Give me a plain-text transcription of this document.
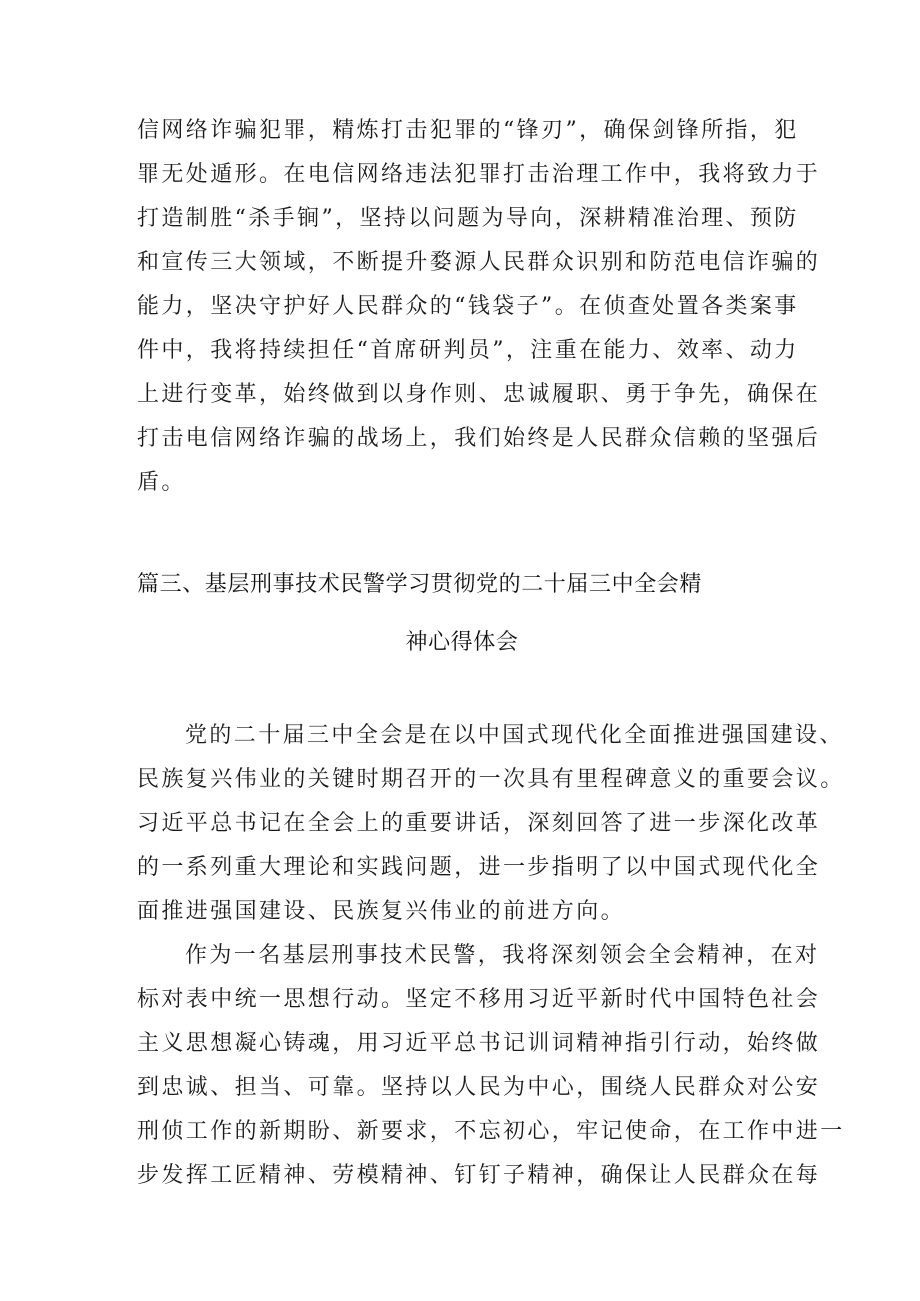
信网络诈骗犯罪，精炼打击犯罪的“锋刃”，确保剑锋所指，犯
罪无处遁形。在电信网络违法犯罪打击治理工作中，我将致力于
打造制胜“杀手锏”，坚持以问题为导向，深耕精准治理、预防
和宣传三大领域，不断提升婺源人民群众识别和防范电信诈骗的
能力，坚决守护好人民群众的“钱袋子”。在侦查处置各类案事
件中，我将持续担任“首席研判员”，注重在能力、效率、动力
上进行变革，始终做到以身作则、忠诚履职、勇于争先，确保在
打击电信网络诈骗的战场上，我们始终是人民群众信赖的坚强后
盾。
篇三、基层刑事技术民警学习贯彻党的二十届三中全会精
神心得体会
党的二十届三中全会是在以中国式现代化全面推进强国建设、
民族复兴伟业的关键时期召开的一次具有里程碑意义的重要会议。
习近平总书记在全会上的重要讲话，深刻回答了进一步深化改革
的一系列重大理论和实践问题，进一步指明了以中国式现代化全
面推进强国建设、民族复兴伟业的前进方向。
作为一名基层刑事技术民警，我将深刻领会全会精神，在对
标对表中统一思想行动。坚定不移用习近平新时代中国特色社会
主义思想凝心铸魂，用习近平总书记训词精神指引行动，始终做
到忠诚、担当、可靠。坚持以人民为中心，围绕人民群众对公安
刑侦工作的新期盼、新要求，不忘初心，牢记使命，在工作中进一
步发挥工匠精神、劳模精神、钉钉子精神，确保让人民群众在每
